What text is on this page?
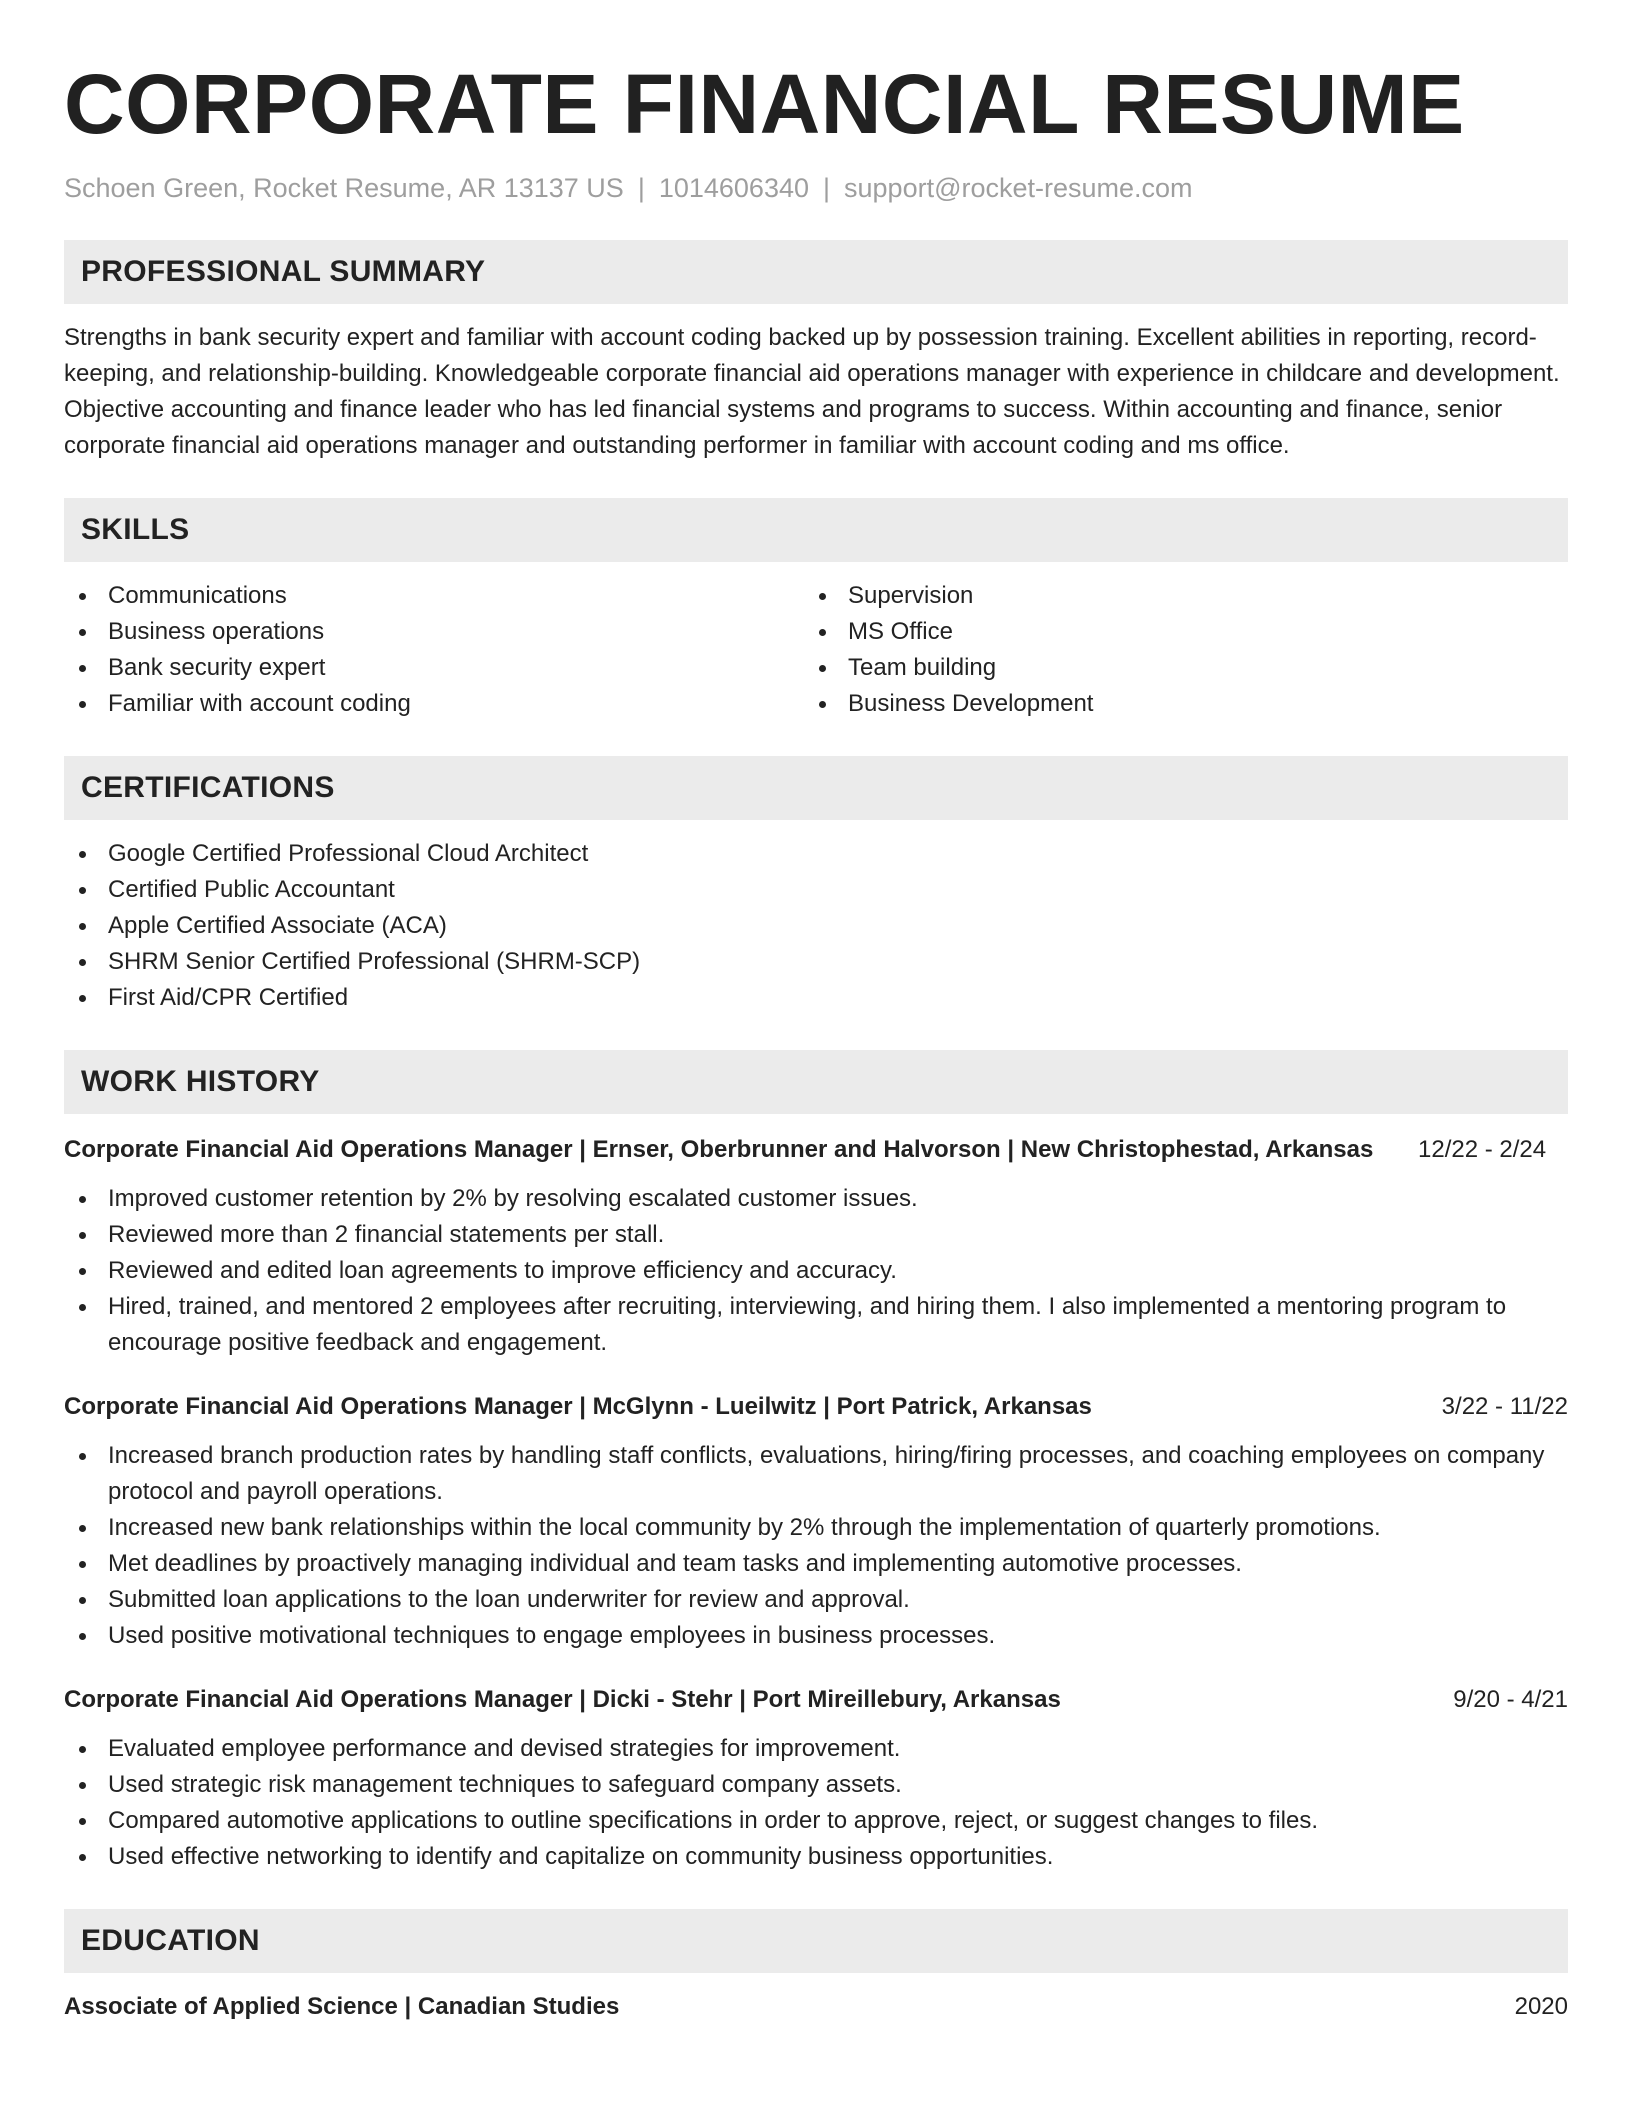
CORPORATE FINANCIAL RESUME
Schoen Green, Rocket Resume, AR 13137 US | 1014606340 | support@rocket-resume.com
PROFESSIONAL SUMMARY
Strengths in bank security expert and familiar with account coding backed up by possession training. Excellent abilities in reporting, record-keeping, and relationship-building. Knowledgeable corporate financial aid operations manager with experience in childcare and development. Objective accounting and finance leader who has led financial systems and programs to success. Within accounting and finance, senior corporate financial aid operations manager and outstanding performer in familiar with account coding and ms office.
SKILLS
Communications
Business operations
Bank security expert
Familiar with account coding
Supervision
MS Office
Team building
Business Development
CERTIFICATIONS
Google Certified Professional Cloud Architect
Certified Public Accountant
Apple Certified Associate (ACA)
SHRM Senior Certified Professional (SHRM-SCP)
First Aid/CPR Certified
WORK HISTORY
Corporate Financial Aid Operations Manager | Ernser, Oberbrunner and Halvorson | New Christophestad, Arkansas 12/22 - 2/24
Improved customer retention by 2% by resolving escalated customer issues.
Reviewed more than 2 financial statements per stall.
Reviewed and edited loan agreements to improve efficiency and accuracy.
Hired, trained, and mentored 2 employees after recruiting, interviewing, and hiring them. I also implemented a mentoring program to encourage positive feedback and engagement.
Corporate Financial Aid Operations Manager | McGlynn - Lueilwitz | Port Patrick, Arkansas	3/22 - 11/22
Increased branch production rates by handling staff conflicts, evaluations, hiring/firing processes, and coaching employees on company protocol and payroll operations.
Increased new bank relationships within the local community by 2% through the implementation of quarterly promotions.
Met deadlines by proactively managing individual and team tasks and implementing automotive processes.
Submitted loan applications to the loan underwriter for review and approval.
Used positive motivational techniques to engage employees in business processes.
Corporate Financial Aid Operations Manager | Dicki - Stehr | Port Mireillebury, Arkansas	9/20 - 4/21
Evaluated employee performance and devised strategies for improvement.
Used strategic risk management techniques to safeguard company assets.
Compared automotive applications to outline specifications in order to approve, reject, or suggest changes to files.
Used effective networking to identify and capitalize on community business opportunities.
EDUCATION
Associate of Applied Science | Canadian Studies	2020
